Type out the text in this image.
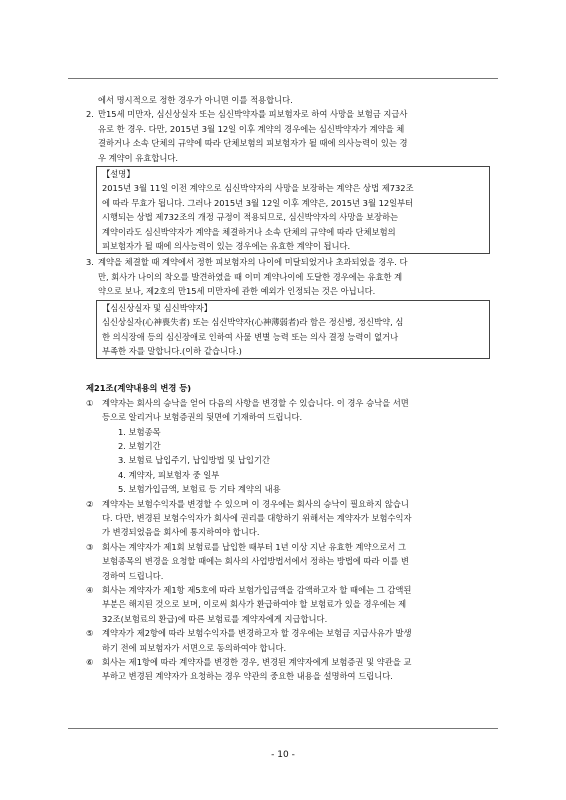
에서 명시적으로 정한 경우가 아니면 이를 적용합니다.

2. 만15세 미만자, 심신상실자 또는 심신박약자를 피보험자로 하여 사망을 보험금 지급사

유로 한 경우. 다만, 2015년 3월 12일 이후 계약의 경우에는 심신박약자가 계약을 체

결하거나 소속 단체의 규약에 따라 단체보험의 피보험자가 될 때에 의사능력이 있는 경

우 계약이 유효합니다.

【설명】

2015년 3월 11일 이전 계약으로 심신박약자의 사망을 보장하는 계약은 상법 제732조

에 따라 무효가 됩니다. 그러나 2015년 3월 12일 이후 계약은, 2015년 3월 12일부터

시행되는 상법 제732조의 개정 규정이 적용되므로, 심신박약자의 사망을 보장하는

계약이라도 심신박약자가 계약을 체결하거나 소속 단체의 규약에 따라 단체보험의

피보험자가 될 때에 의사능력이 있는 경우에는 유효한 계약이 됩니다.

3. 계약을 체결할 때 계약에서 정한 피보험자의 나이에 미달되었거나 초과되었을 경우. 다

만, 회사가 나이의 착오를 발견하였을 때 이미 계약나이에 도달한 경우에는 유효한 계

약으로 보나, 제2호의 만15세 미만자에 관한 예외가 인정되는 것은 아닙니다.

【심신상실자 및 심신박약자】

심신상실자(心神喪失者) 또는 심신박약자(心神薄弱者)라 함은 정신병, 정신박약, 심

한 의식장애 등의 심신장애로 인하여 사물 변별 능력 또는 의사 결정 능력이 없거나

부족한 자를 말합니다.(이하 같습니다.)

제21조(계약내용의 변경 등)

① 계약자는 회사의 승낙을 얻어 다음의 사항을 변경할 수 있습니다. 이 경우 승낙을 서면

등으로 알리거나 보험증권의 뒷면에 기재하여 드립니다.

1. 보험종목

2. 보험기간

3. 보험료 납입주기, 납입방법 및 납입기간

4. 계약자, 피보험자 중 일부

5. 보험가입금액, 보험료 등 기타 계약의 내용

② 계약자는 보험수익자를 변경할 수 있으며 이 경우에는 회사의 승낙이 필요하지 않습니

다. 다만, 변경된 보험수익자가 회사에 권리를 대항하기 위해서는 계약자가 보험수익자

가 변경되었음을 회사에 통지하여야 합니다.

③ 회사는 계약자가 제1회 보험료를 납입한 때부터 1년 이상 지난 유효한 계약으로서 그

보험종목의 변경을 요청할 때에는 회사의 사업방법서에서 정하는 방법에 따라 이를 변

경하여 드립니다.

④ 회사는 계약자가 제1항 제5호에 따라 보험가입금액을 감액하고자 할 때에는 그 감액된

부분은 해지된 것으로 보며, 이로써 회사가 환급하여야 할 보험료가 있을 경우에는 제

32조(보험료의 환급)에 따른 보험료를 계약자에게 지급합니다.

⑤ 계약자가 제2항에 따라 보험수익자를 변경하고자 할 경우에는 보험금 지급사유가 발생

하기 전에 피보험자가 서면으로 동의하여야 합니다.

⑥ 회사는 제1항에 따라 계약자를 변경한 경우, 변경된 계약자에게 보험증권 및 약관을 교

부하고 변경된 계약자가 요청하는 경우 약관의 중요한 내용을 설명하여 드립니다.

- 10 -
